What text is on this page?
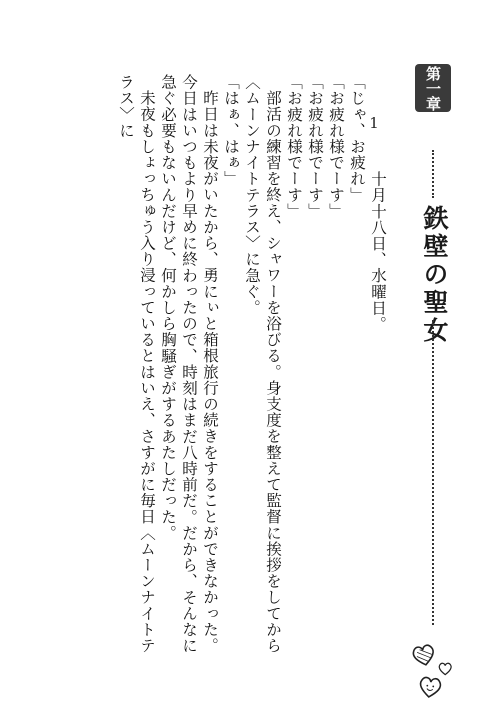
第一章
鉄壁の聖女
1

十月十八日、水曜日。

「じゃ、お疲れ」

「お疲れ様でーす」

「お疲れ様でーす」

「お疲れ様でーす」

部活の練習を終え、シャワーを浴びる。身支度を整えて監督に挨拶をしてから〈ムーンナイトテラス〉に急ぐ。

「はぁ、はぁ」

昨日は未夜がいたから、勇にぃと箱根旅行の続きをすることができなかった。今日はいつもより早めに終わったので、時刻はまだ八時前だ。だから、そんなに急ぐ必要もないんだけど、何かしら胸騒ぎがするあたしだった。

未夜もしょっちゅう入り浸っているとはいえ、さすがに毎日〈ムーンナイトテラス〉に
